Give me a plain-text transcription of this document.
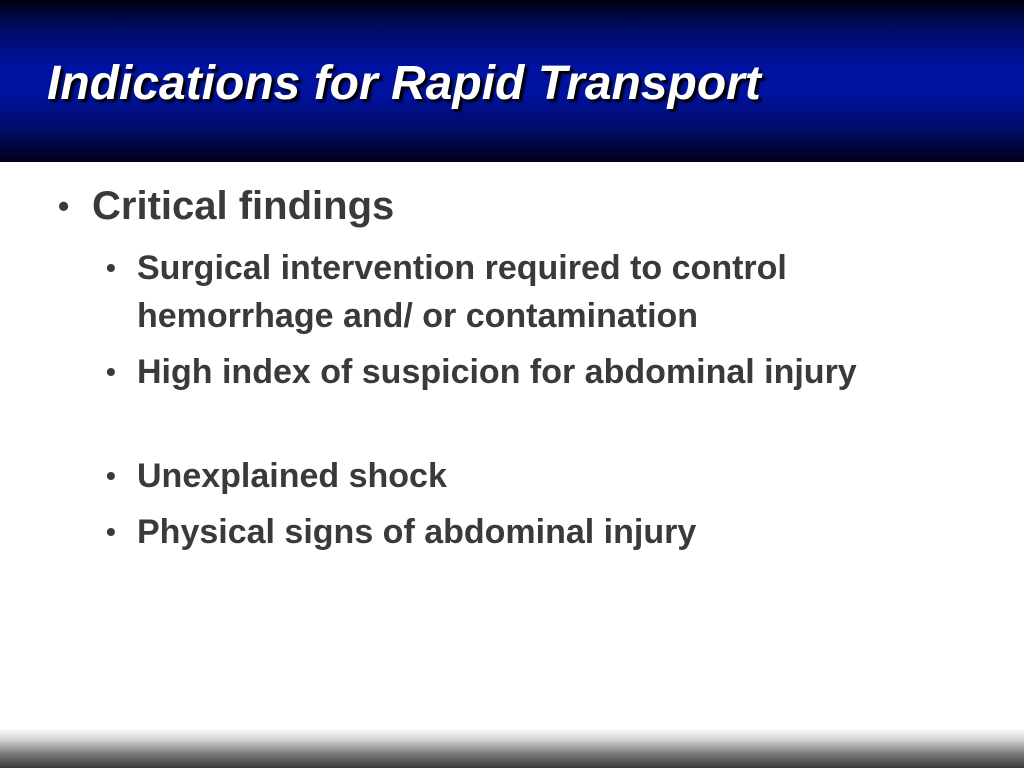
Indications for Rapid Transport
• Critical findings
• Surgical intervention required to control hemorrhage and/ or contamination
• High index of suspicion for abdominal injury
• Unexplained shock
• Physical signs of abdominal injury
